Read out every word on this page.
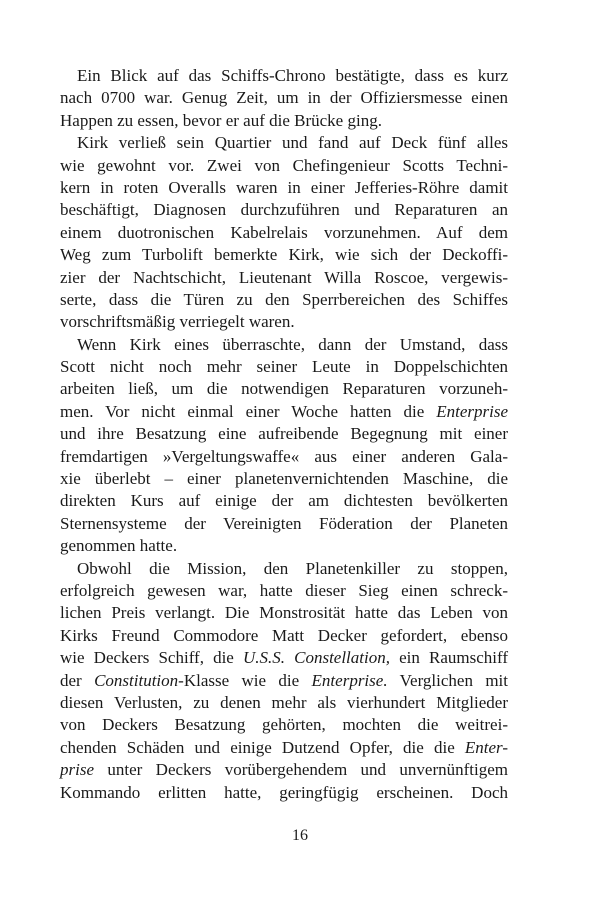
Ein Blick auf das Schiffs-Chrono bestätigte, dass es kurz
nach 0700 war. Genug Zeit, um in der Offiziersmesse einen
Happen zu essen, bevor er auf die Brücke ging.
Kirk verließ sein Quartier und fand auf Deck fünf alles
wie gewohnt vor. Zwei von Chefingenieur Scotts Techni-
kern in roten Overalls waren in einer Jefferies-Röhre damit
beschäftigt, Diagnosen durchzuführen und Reparaturen an
einem duotronischen Kabelrelais vorzunehmen. Auf dem
Weg zum Turbolift bemerkte Kirk, wie sich der Deckoffi-
zier der Nachtschicht, Lieutenant Willa Roscoe, vergewis-
serte, dass die Türen zu den Sperrbereichen des Schiffes
vorschriftsmäßig verriegelt waren.
Wenn Kirk eines überraschte, dann der Umstand, dass
Scott nicht noch mehr seiner Leute in Doppelschichten
arbeiten ließ, um die notwendigen Reparaturen vorzuneh-
men. Vor nicht einmal einer Woche hatten die Enterprise
und ihre Besatzung eine aufreibende Begegnung mit einer
fremdartigen »Vergeltungswaffe« aus einer anderen Gala-
xie überlebt – einer planetenvernichtenden Maschine, die
direkten Kurs auf einige der am dichtesten bevölkerten
Sternensysteme der Vereinigten Föderation der Planeten
genommen hatte.
Obwohl die Mission, den Planetenkiller zu stoppen,
erfolgreich gewesen war, hatte dieser Sieg einen schreck-
lichen Preis verlangt. Die Monstrosität hatte das Leben von
Kirks Freund Commodore Matt Decker gefordert, ebenso
wie Deckers Schiff, die U.S.S. Constellation, ein Raumschiff
der Constitution-Klasse wie die Enterprise. Verglichen mit
diesen Verlusten, zu denen mehr als vierhundert Mitglieder
von Deckers Besatzung gehörten, mochten die weitrei-
chenden Schäden und einige Dutzend Opfer, die die Enter-
prise unter Deckers vorübergehendem und unvernünftigem
Kommando erlitten hatte, geringfügig erscheinen. Doch
16
